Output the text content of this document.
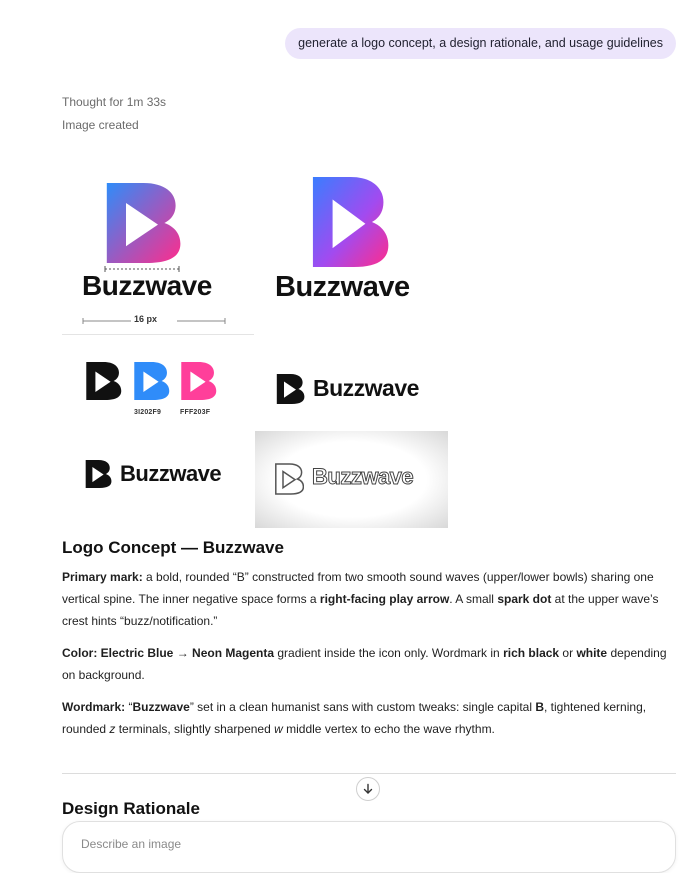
generate a logo concept, a design rationale, and usage guidelines
Thought for 1m 33s
Image created
Buzzwave
16 px
Buzzwave
3I202F9	FFF203F
Buzzwave
Buzzwave	Buzzwave
Logo Concept — Buzzwave

Primary mark: a bold, rounded “B” constructed from two smooth sound waves (upper/lower bowls) sharing one vertical spine. The inner negative space forms a right-facing play arrow. A small spark dot at the upper wave’s crest hints “buzz/notification.”

Color: Electric Blue → Neon Magenta gradient inside the icon only. Wordmark in rich black or white depending on background.

Wordmark: “Buzzwave” set in a clean humanist sans with custom tweaks: single capital B, tightened kerning, rounded z terminals, slightly sharpened w middle vertex to echo the wave rhythm.

Design Rationale
Describe an image
